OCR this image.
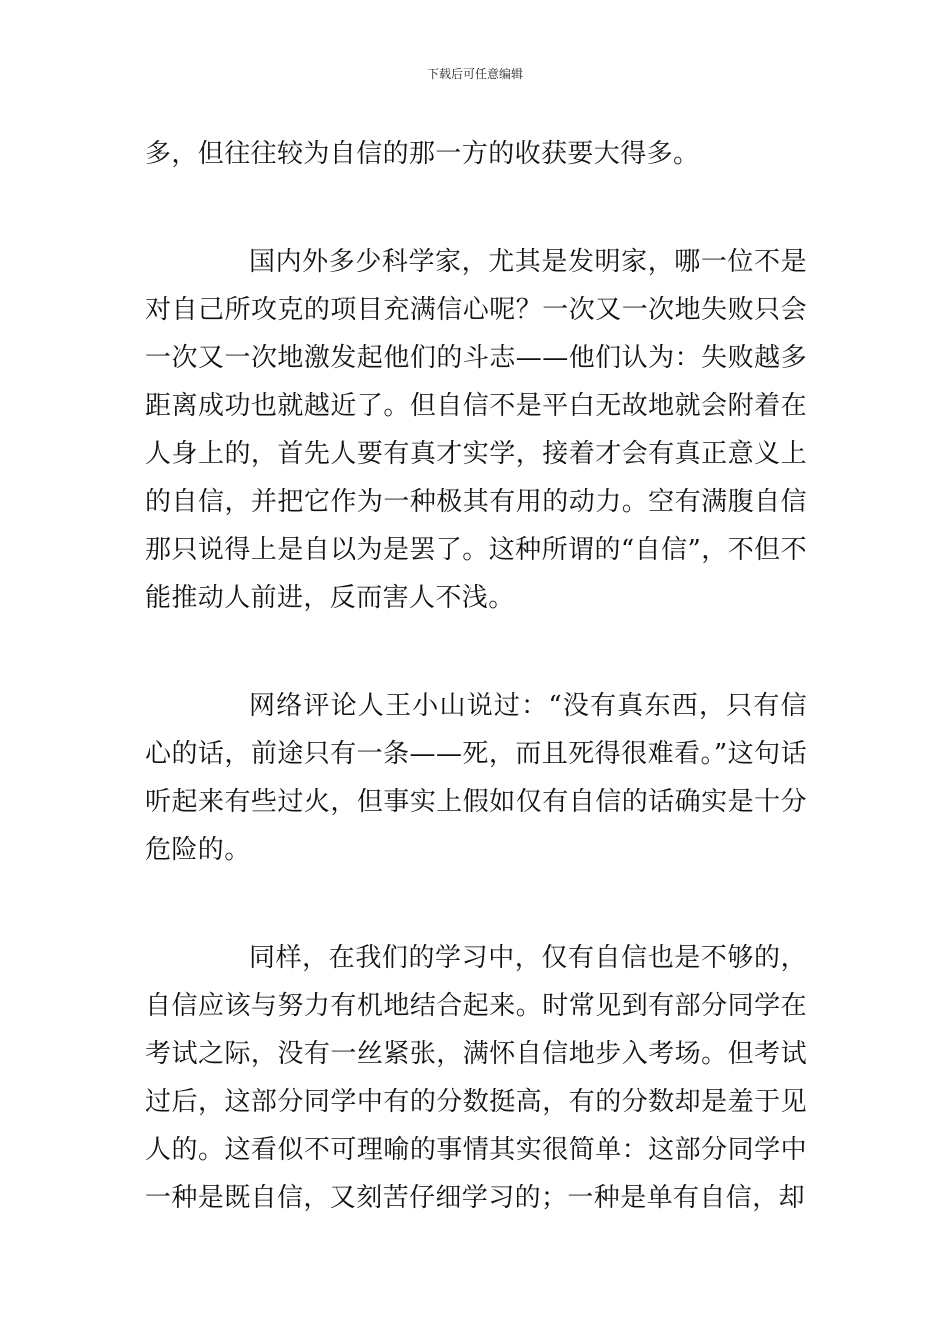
下载后可任意编辑

多，但往往较为自信的那一方的收获要大得多。

国内外多少科学家，尤其是发明家，哪一位不是对自己所攻克的项目充满信心呢？一次又一次地失败只会一次又一次地激发起他们的斗志——他们认为：失败越多距离成功也就越近了。但自信不是平白无故地就会附着在人身上的，首先人要有真才实学，接着才会有真正意义上的自信，并把它作为一种极其有用的动力。空有满腹自信那只说得上是自以为是罢了。这种所谓的“自信”，不但不能推动人前进，反而害人不浅。

网络评论人王小山说过：“没有真东西，只有信心的话，前途只有一条——死，而且死得很难看。”这句话听起来有些过火，但事实上假如仅有自信的话确实是十分危险的。

同样，在我们的学习中，仅有自信也是不够的，自信应该与努力有机地结合起来。时常见到有部分同学在考试之际，没有一丝紧张，满怀自信地步入考场。但考试过后，这部分同学中有的分数挺高，有的分数却是羞于见人的。这看似不可理喻的事情其实很简单：这部分同学中一种是既自信，又刻苦仔细学习的；一种是单有自信，却
